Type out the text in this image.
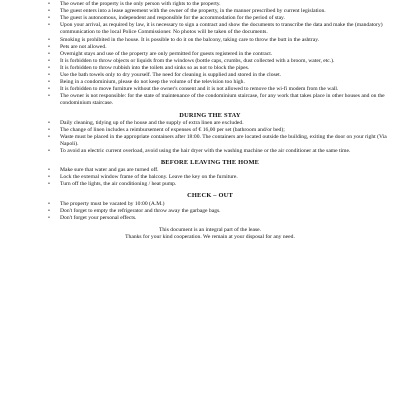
•
• The owner of the property is the only person with rights to the property.
• The guest enters into a lease agreement with the owner of the property, in the manner prescribed by current legislation.
• The guest is autonomous, independent and responsible for the accommodation for the period of stay.
• Upon your arrival, as required by law, it is necessary to sign a contract and show the documents to transcribe the data and make the (mandatory) communication to the local Police Commissioner. No photos will be taken of the documents.
• Smoking is prohibited in the house. It is possible to do it on the balcony, taking care to throw the butt in the ashtray.
• Pets are not allowed.
• Overnight stays and use of the property are only permitted for guests registered in the contract.
• It is forbidden to throw objects or liquids from the windows (bottle caps, crumbs, dust collected with a broom, water, etc.).
• It is forbidden to throw rubbish into the toilets and sinks so as not to block the pipes.
• Use the bath towels only to dry yourself. The need for cleaning is supplied and stored in the closet.
• Being in a condominium, please do not keep the volume of the television too high.
• It is forbidden to move furniture without the owner's consent and it is not allowed to remove the wi-fi modem from the wall.
• The owner is not responsible: for the state of maintenance of the condominium staircase, for any work that takes place in other houses and on the condominium staircase.
DURING THE STAY
• Daily cleaning, tidying up of the house and the supply of extra linen are excluded.
• The change of linen includes a reimbursement of expenses of € 16,00 per set (bathroom and/or bed);
• Waste must be placed in the appropriate containers after 18:00. The containers are located outside the building, exiting the door on your right (Via Napoli).
• To avoid an electric current overload, avoid using the hair dryer with the washing machine or the air conditioner at the same time.
BEFORE LEAVING THE HOME
• Make sure that water and gas are turned off.
• Lock the external window frame of the balcony. Leave the key on the furniture.
• Turn off the lights, the air conditioning / heat pump.
CHECK – OUT
• The property must be vacated by 10:00 (A.M.)
• Don't forget to empty the refrigerator and throw away the garbage bags.
• Don't forget your personal effects.

This document is an integral part of the lease.

Thanks for your kind cooperation. We remain at your disposal for any need.
